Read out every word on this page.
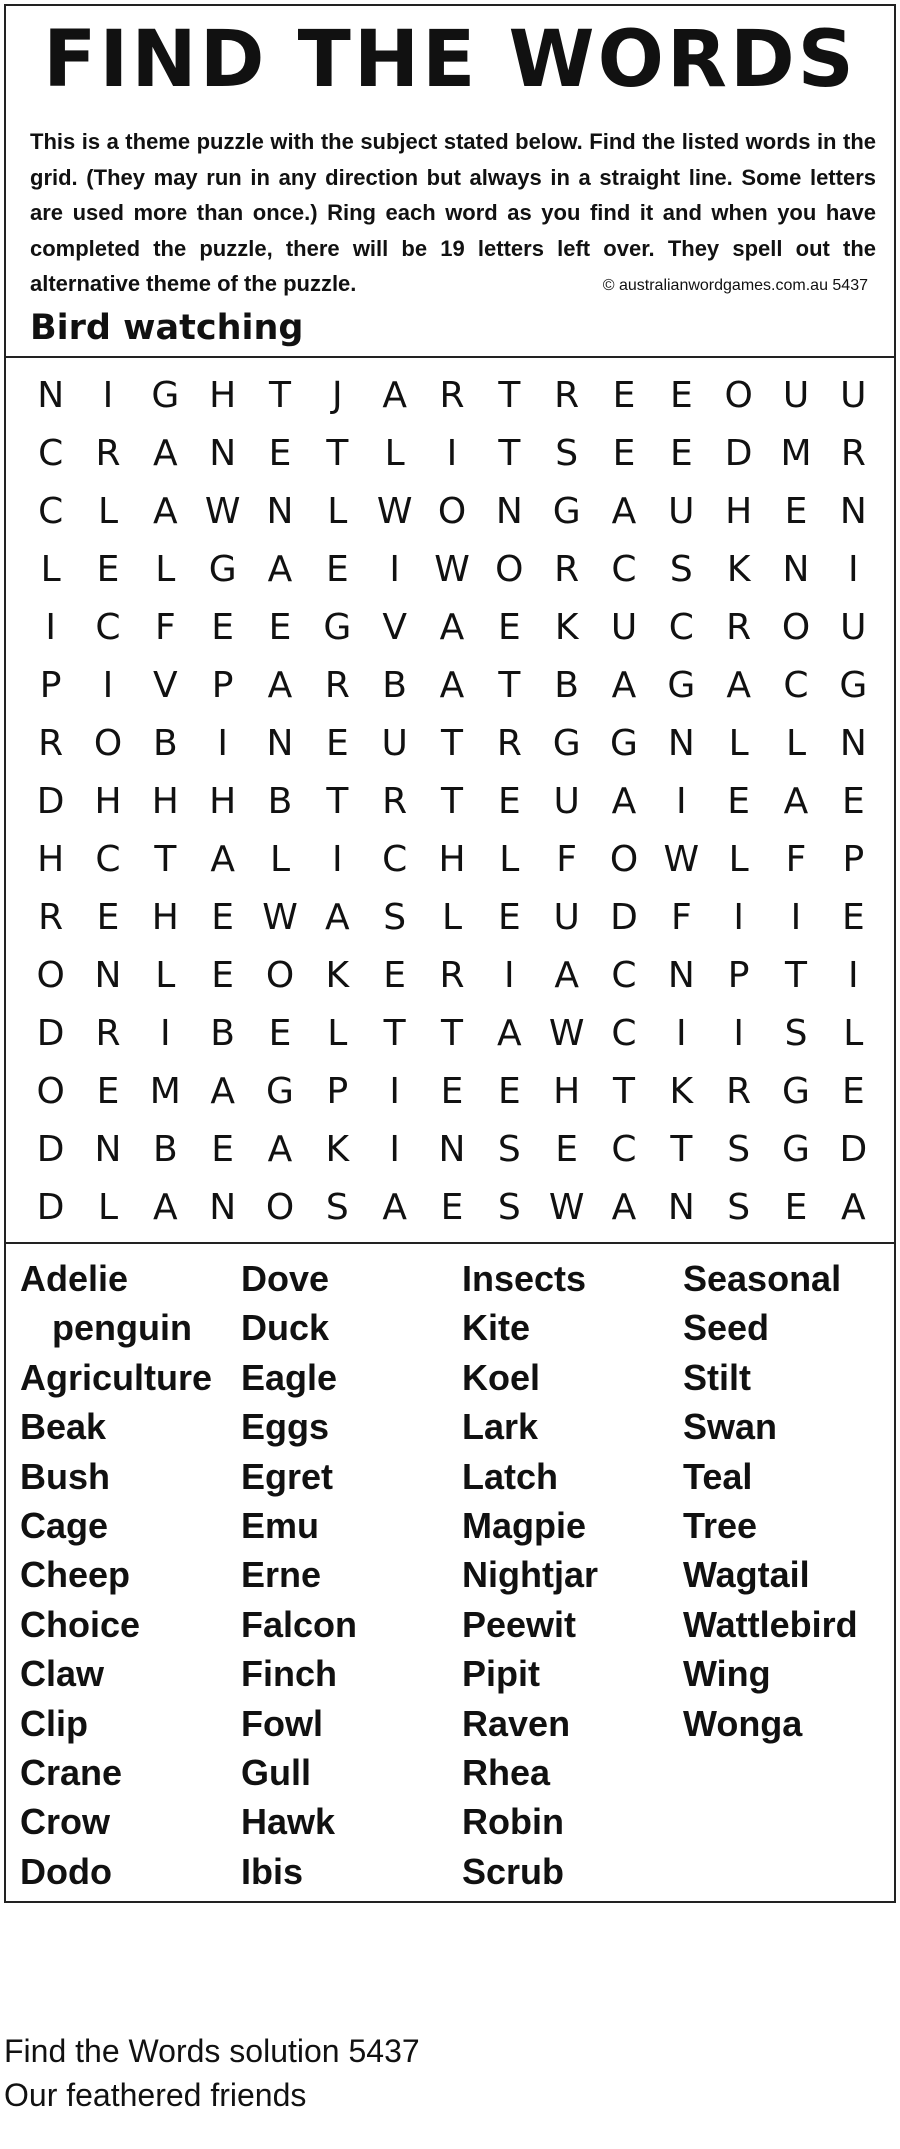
FIND THE WORDS

This is a theme puzzle with the subject stated below. Find the listed words in the grid. (They may run in any direction but always in a straight line. Some letters are used more than once.) Ring each word as you find it and when you have completed the puzzle, there will be 19 letters left over. They spell out the alternative theme of the puzzle.	© australianwordgames.com.au 5437
Bird watching
N	I	G H T	J	A R T R E E O U U
C R A N E T	L	I	T S E E D M R
C L A W N L W O N G A U H E N
L E L G A E	I W O R C S K N	I
I	C F E E G V A E K U C R O U
P	I	V P A R B A T B A G A C G
R O B	I	N E U T R G G N L	L N
D H H H B T R T E U A	I	E A E
H C T A L	I	C H L	F O W L	F	P
R E H E W A S L E U D F	I	I	E
O N L E O K E R	I	A C N P T	I
D R	I	B E L	T T A W C	I	I	S L
O E M A G P	I	E E H T K R G E
D N B E A K	I	N S E C T S G D
D L A N O S A E S W A N S E A
Adelie
penguin
Agriculture
Beak
Bush
Cage
Cheep
Choice
Claw
Clip
Crane
Crow
Dodo
Dove
Duck
Eagle
Eggs
Egret
Emu
Erne
Falcon
Finch
Fowl
Gull
Hawk
Ibis
Insects
Kite
Koel
Lark
Latch
Magpie
Nightjar
Peewit
Pipit
Raven
Rhea
Robin
Scrub
Seasonal
Seed
Stilt
Swan
Teal
Tree
Wagtail
Wattlebird
Wing
Wonga
Find the Words solution 5437
Our feathered friends
